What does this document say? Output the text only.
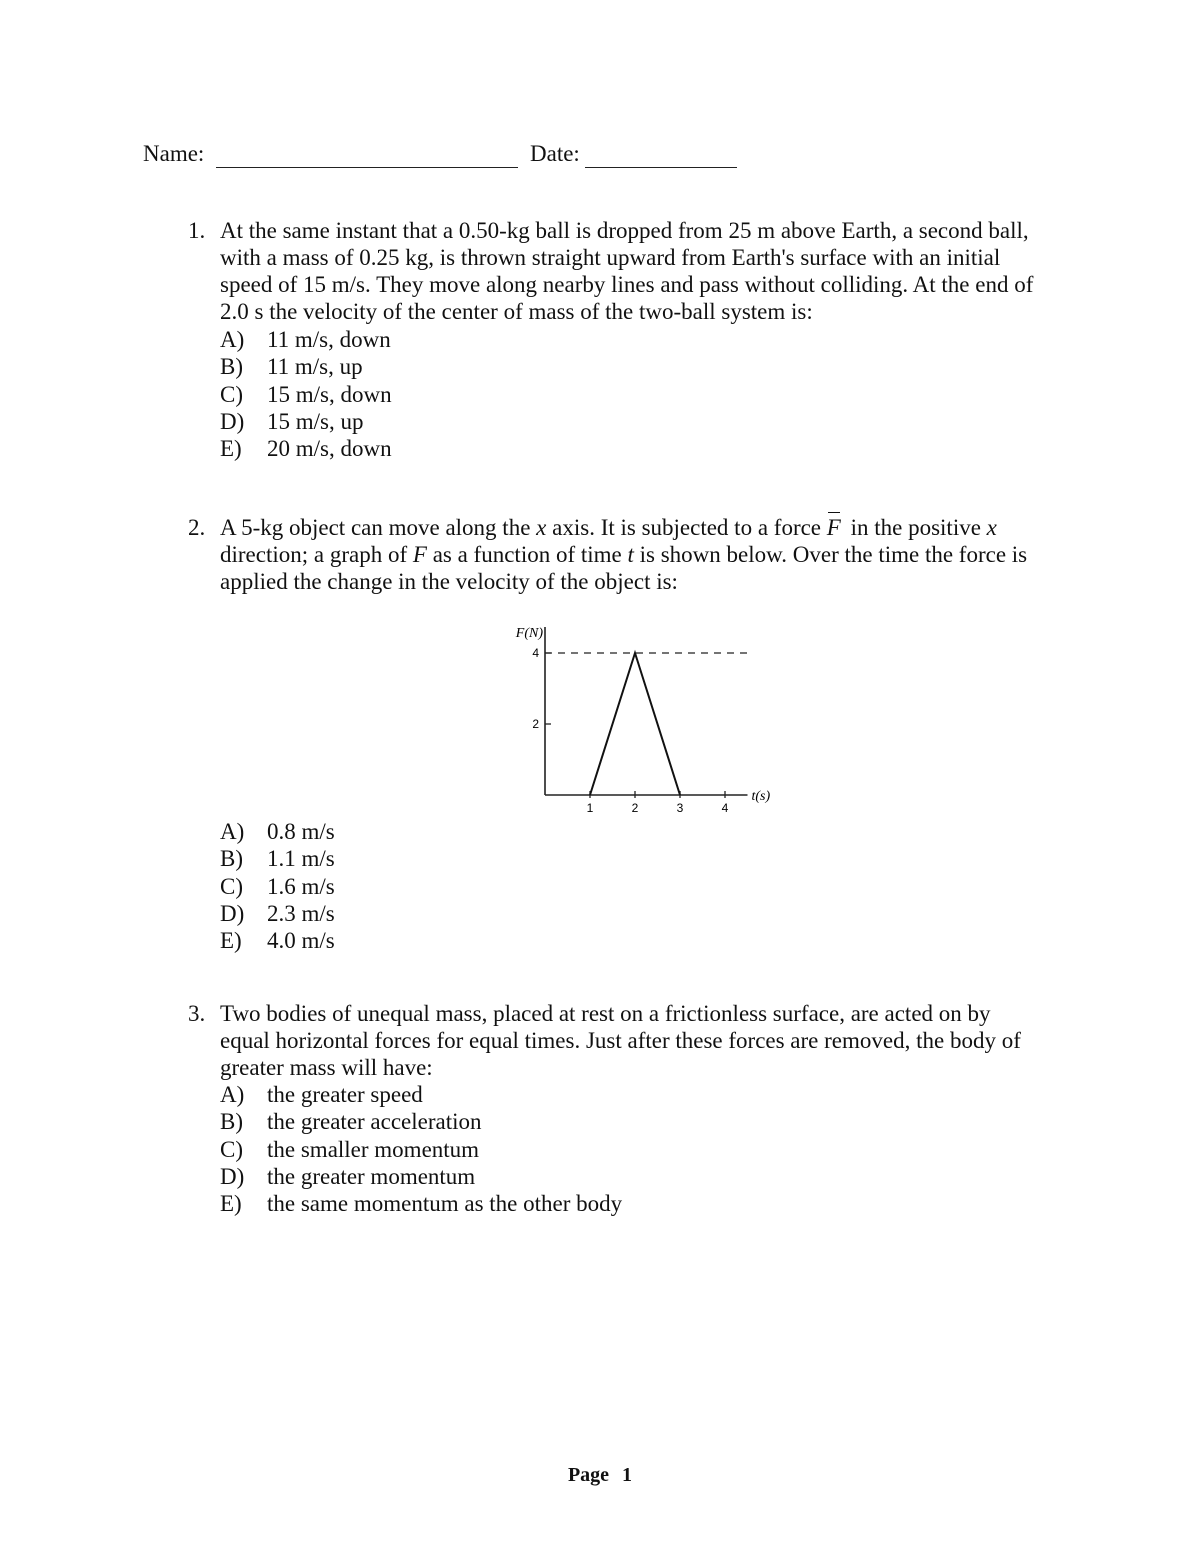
Name:	Date:
1. At the same instant that a 0.50-kg ball is dropped from 25 m above Earth, a second ball,
with a mass of 0.25 kg, is thrown straight upward from Earth's surface with an initial
speed of 15 m/s. They move along nearby lines and pass without colliding. At the end of
2.0 s the velocity of the center of mass of the two-ball system is:
A) 11 m/s, down
B) 11 m/s, up
C) 15 m/s, down
D) 15 m/s, up
E) 20 m/s, down
2. A 5-kg object can move along the x axis. It is subjected to a force
F in the positive x
direction; a graph of F as a function of time t is shown below. Over the time the force is
applied the change in the velocity of the object is:
A) 0.8 m/s
B) 1.1 m/s
C) 1.6 m/s
D) 2.3 m/s
E) 4.0 m/s
2
4
1	2	3	4
F(N)
t(s)
3. Two bodies of unequal mass, placed at rest on a frictionless surface, are acted on by
equal horizontal forces for equal times. Just after these forces are removed, the body of
greater mass will have:
A) the greater speed
B) the greater acceleration
C) the smaller momentum
D) the greater momentum
E) the same momentum as the other body
Page 1
